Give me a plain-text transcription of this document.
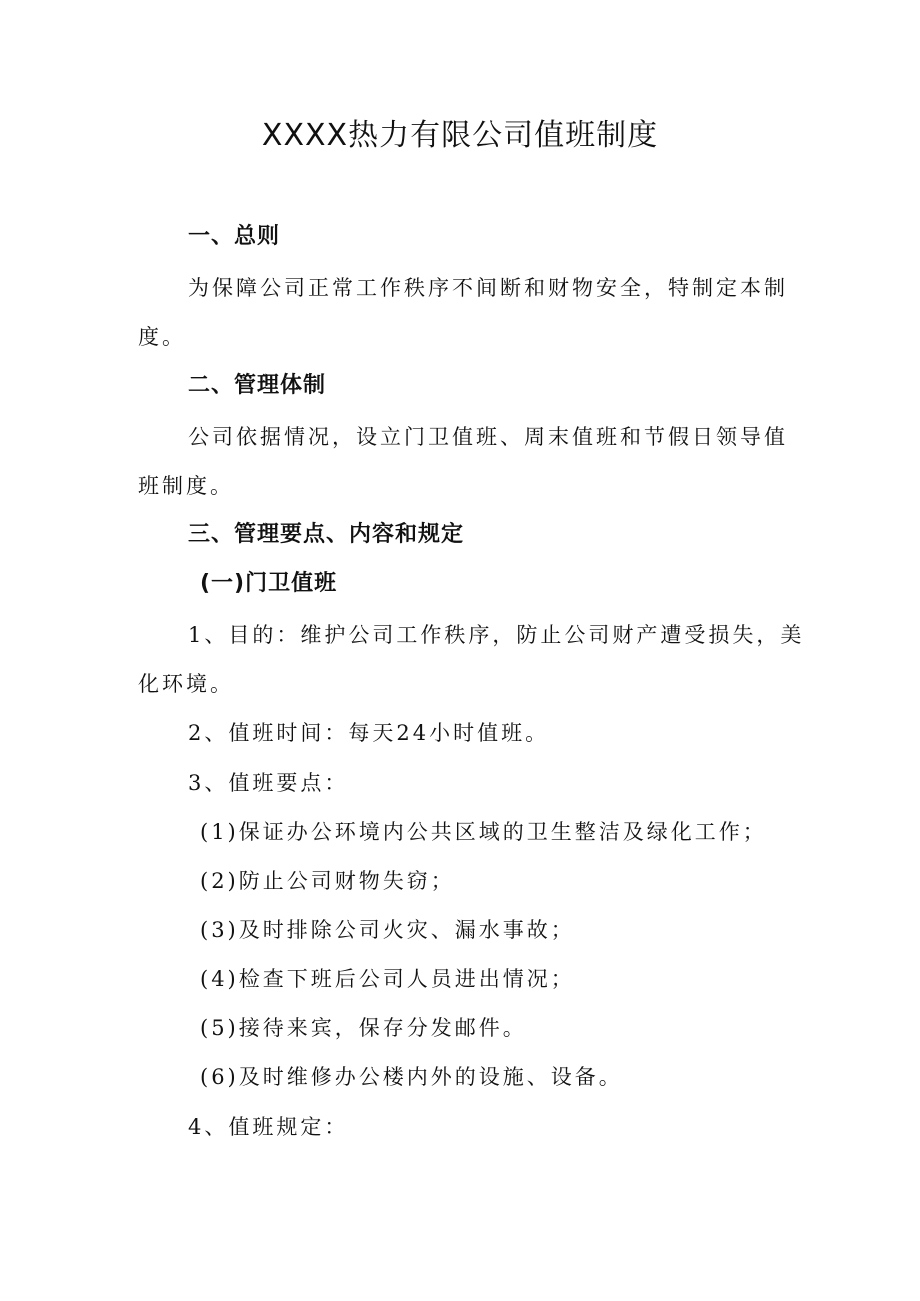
XXXX热力有限公司值班制度
一、总则
为保障公司正常工作秩序不间断和财物安全，特制定本制
度。
二、管理体制
公司依据情况，设立门卫值班、周末值班和节假日领导值
班制度。
三、管理要点、内容和规定
(一)门卫值班
1、目的：维护公司工作秩序，防止公司财产遭受损失，美
化环境。
2、值班时间：每天24小时值班。
3、值班要点：
(1)保证办公环境内公共区域的卫生整洁及绿化工作；
(2)防止公司财物失窃；
(3)及时排除公司火灾、漏水事故；
(4)检查下班后公司人员进出情况；
(5)接待来宾，保存分发邮件。
(6)及时维修办公楼内外的设施、设备。
4、值班规定：
